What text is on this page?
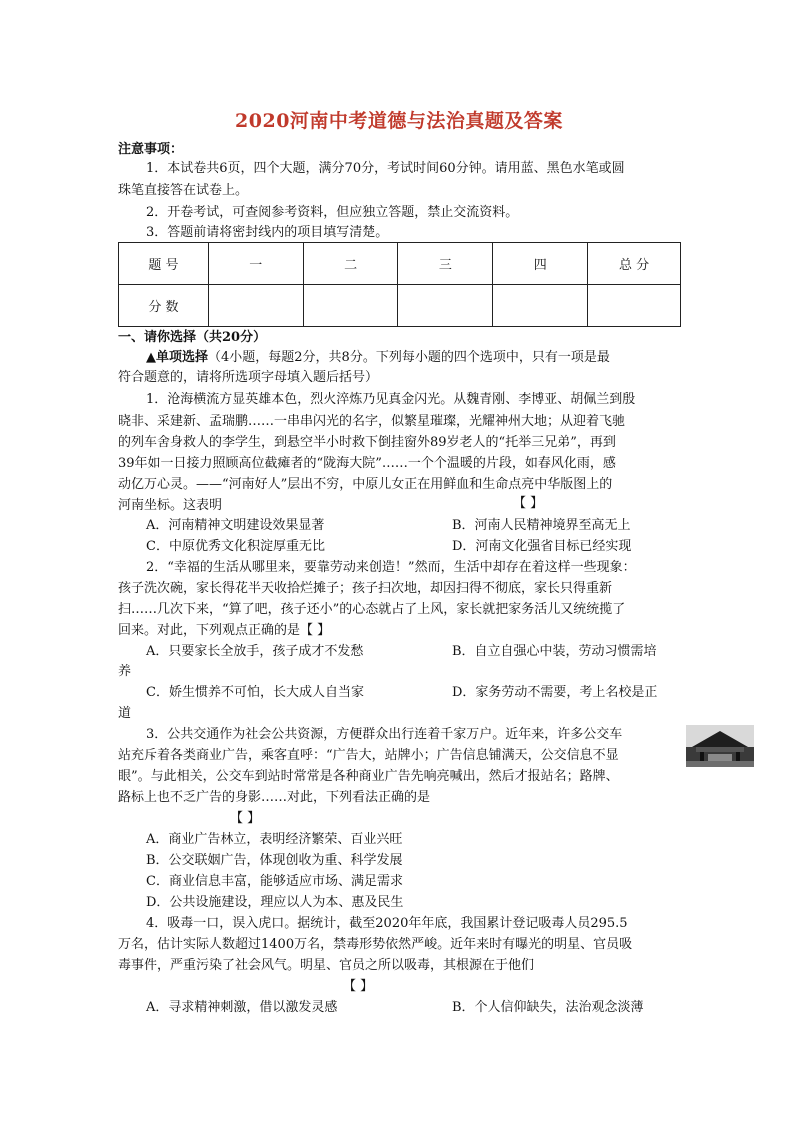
2020河南中考道德与法治真题及答案
注意事项：
1．本试卷共6页，四个大题，满分70分，考试时间60分钟。请用蓝、黑色水笔或圆
珠笔直接答在试卷上。
2．开卷考试，可查阅参考资料，但应独立答题，禁止交流资料。
3．答题前请将密封线内的项目填写清楚。
题 号	一	二	三	四	总 分
分 数					
一、请你选择（共20分）
▲单项选择（4小题，每题2分，共8分。下列每小题的四个选项中，只有一项是最
符合题意的，请将所选项字母填入题后括号）
1．沧海横流方显英雄本色，烈火淬炼乃见真金闪光。从魏青刚、李博亚、胡佩兰到殷
晓非、采建新、孟瑞鹏……一串串闪光的名字，似繁星璀璨，光耀神州大地；从迎着飞驰
的列车舍身救人的李学生，到悬空半小时救下倒挂窗外89岁老人的“托举三兄弟”，再到
39年如一日接力照顾高位截瘫者的“陇海大院”……一个个温暖的片段，如春风化雨，感
动亿万心灵。——“河南好人”层出不穷，中原儿女正在用鲜血和生命点亮中华版图上的
河南坐标。这表明	【 】
A．河南精神文明建设效果显著	B．河南人民精神境界至高无上
C．中原优秀文化积淀厚重无比	D．河南文化强省目标已经实现
2．“幸福的生活从哪里来，要靠劳动来创造！”然而，生活中却存在着这样一些现象：
孩子洗次碗，家长得花半天收拾烂摊子；孩子扫次地，却因扫得不彻底，家长只得重新
扫……几次下来，“算了吧，孩子还小”的心态就占了上风，家长就把家务活儿又统统揽了
回来。对此，下列观点正确的是【 】
A．只要家长全放手，孩子成才不发愁	B．自立自强心中装，劳动习惯需培
养
C．娇生惯养不可怕，长大成人自当家	D．家务劳动不需要，考上名校是正
道
3．公共交通作为社会公共资源，方便群众出行连着千家万户。近年来，许多公交车
站充斥着各类商业广告，乘客直呼：“广告大，站牌小；广告信息铺满天，公交信息不显
眼”。与此相关，公交车到站时常常是各种商业广告先响亮喊出，然后才报站名；路牌、
路标上也不乏广告的身影……对此，下列看法正确的是
【 】
A．商业广告林立，表明经济繁荣、百业兴旺
B．公交联姻广告，体现创收为重、科学发展
C．商业信息丰富，能够适应市场、满足需求
D．公共设施建设，理应以人为本、惠及民生
4．吸毒一口，误入虎口。据统计，截至2020年年底，我国累计登记吸毒人员295.5
万名，估计实际人数超过1400万名，禁毒形势依然严峻。近年来时有曝光的明星、官员吸
毒事件，严重污染了社会风气。明星、官员之所以吸毒，其根源在于他们
【 】
A．寻求精神刺激，借以激发灵感	B．个人信仰缺失，法治观念淡薄
